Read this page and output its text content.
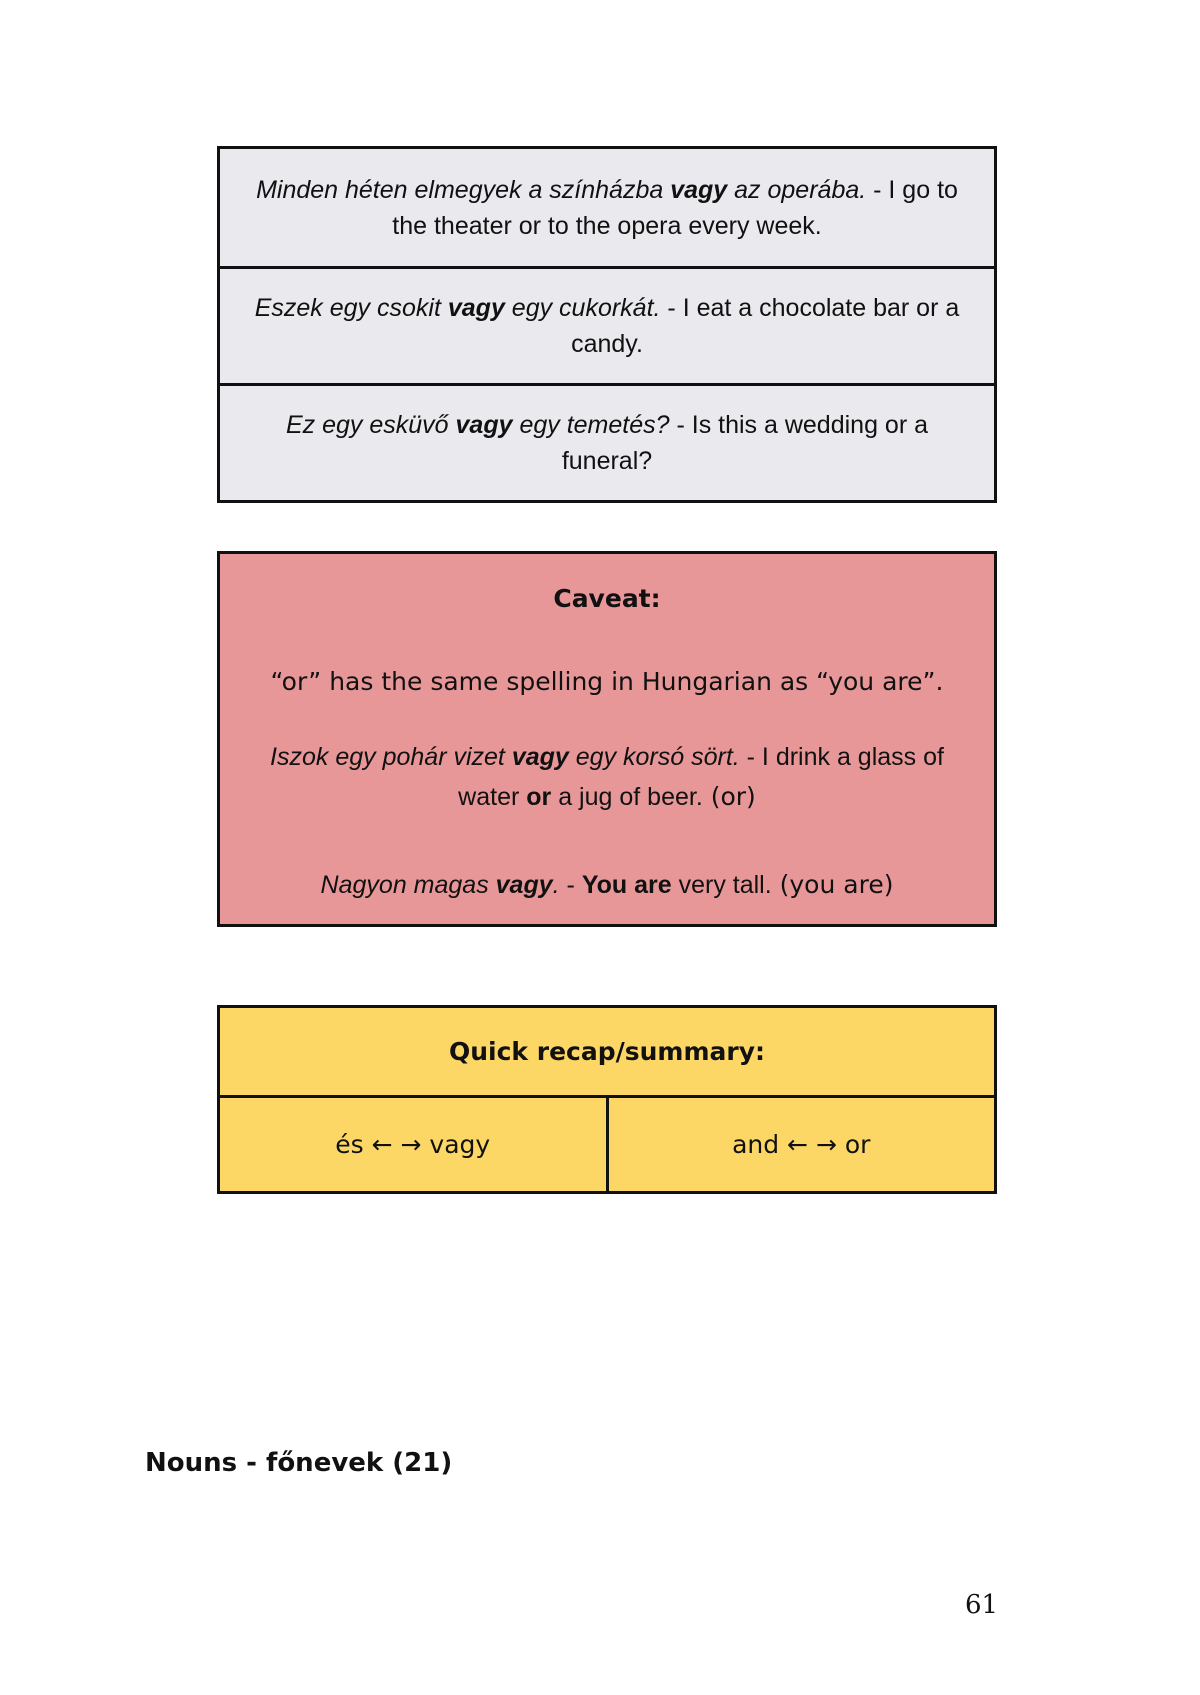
Minden héten elmegyek a színházba vagy az operába. - I go to the theater or to the opera every week.
Eszek egy csokit vagy egy cukorkát. - I eat a chocolate bar or a candy.
Ez egy esküvő vagy egy temetés? - Is this a wedding or a funeral?
Caveat:
“or” has the same spelling in Hungarian as “you are”.
Iszok egy pohár vizet vagy egy korsó sört. - I drink a glass of water or a jug of beer. (or)
Nagyon magas vagy. - You are very tall. (you are)
Quick recap/summary:
és ← → vagy	and ← → or
Nouns - főnevek (21)
61
